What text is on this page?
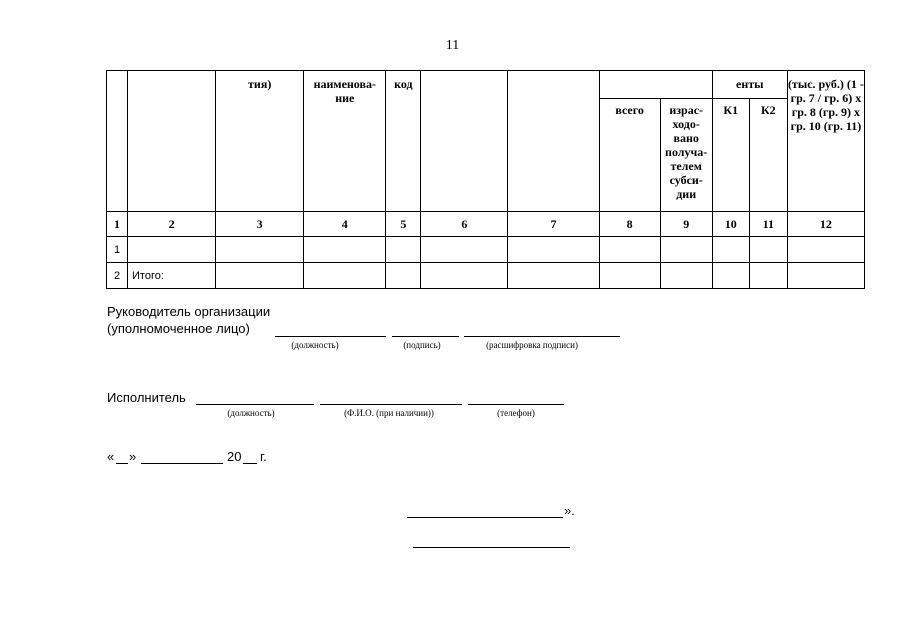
11
		тия)	наименова-ние	код					енты		(тыс. руб.) (1 - гр. 7 / гр. 6) х гр. 8 (гр. 9) х гр. 10 (гр. 11)
							всего	израс-ходо-вано получа-телем субси-дии	К1	К2	
1	2	3	4	5	6	7	8	9	10	11	12
1											
2	Итого:										
Руководитель организации
(уполномоченное лицо)
(должность)	(подпись)	(расшифровка подписи)
Исполнитель
(должность)	(Ф.И.О. (при наличии))	(телефон)
« »	20 г.
».
